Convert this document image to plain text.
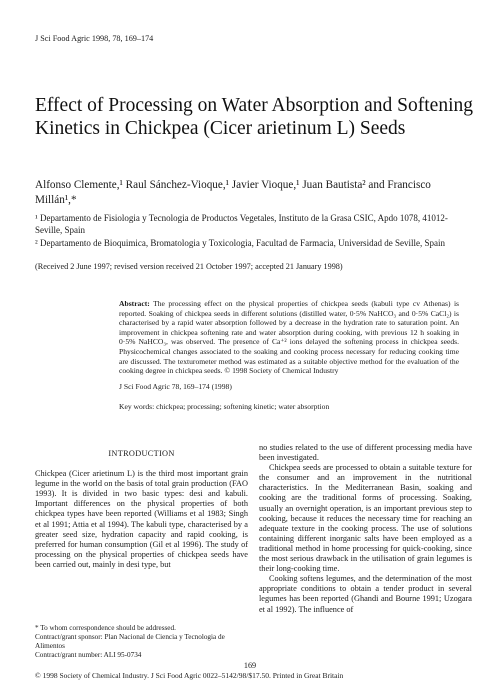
J Sci Food Agric 1998, 78, 169–174
Effect of Processing on Water Absorption and Softening Kinetics in Chickpea (Cicer arietinum L) Seeds
Alfonso Clemente,¹ Raul Sánchez-Vioque,¹ Javier Vioque,¹ Juan Bautista² and Francisco Millán¹,*
¹ Departamento de Fisiologia y Tecnologia de Productos Vegetales, Instituto de la Grasa CSIC, Apdo 1078, 41012-Seville, Spain
² Departamento de Bioquimica, Bromatologia y Toxicologia, Facultad de Farmacia, Universidad de Seville, Spain
(Received 2 June 1997; revised version received 21 October 1997; accepted 21 January 1998)
Abstract: The processing effect on the physical properties of chickpea seeds (kabuli type cv Athenas) is reported. Soaking of chickpea seeds in different solutions (distilled water, 0·5% NaHCO₃ and 0·5% CaCl₂) is characterised by a rapid water absorption followed by a decrease in the hydration rate to saturation point. An improvement in chickpea softening rate and water absorption during cooking, with previous 12 h soaking in 0·5% NaHCO₃, was observed. The presence of Ca⁺² ions delayed the softening process in chickpea seeds. Physicochemical changes associated to the soaking and cooking process necessary for reducing cooking time are discussed. The texturometer method was estimated as a suitable objective method for the evaluation of the cooking degree in chickpea seeds. © 1998 Society of Chemical Industry
J Sci Food Agric 78, 169–174 (1998)
Key words: chickpea; processing; softening kinetic; water absorption
INTRODUCTION

Chickpea (Cicer arietinum L) is the third most important grain legume in the world on the basis of total grain production (FAO 1993). It is divided in two basic types: desi and kabuli. Important differences on the physical properties of both chickpea types have been reported (Williams et al 1983; Singh et al 1991; Attia et al 1994). The kabuli type, characterised by a greater seed size, hydration capacity and rapid cooking, is preferred for human consumption (Gil et al 1996). The study of processing on the physical properties of chickpea seeds have been carried out, mainly in desi type, but

no studies related to the use of different processing media have been investigated.

Chickpea seeds are processed to obtain a suitable texture for the consumer and an improvement in the nutritional characteristics. In the Mediterranean Basin, soaking and cooking are the traditional forms of processing. Soaking, usually an overnight operation, is an important previous step to cooking, because it reduces the necessary time for reaching an adequate texture in the cooking process. The use of solutions containing different inorganic salts have been employed as a traditional method in home processing for quick-cooking, since the most serious drawback in the utilisation of grain legumes is their long-cooking time.

Cooking softens legumes, and the determination of the most appropriate conditions to obtain a tender product in several legumes has been reported (Ghandi and Bourne 1991; Uzogara et al 1992). The influence of

* To whom correspondence should be addressed.
Contract/grant sponsor: Plan Nacional de Ciencia y Tecnologia de Alimentos
Contract/grant number: ALI 95-0734
169
© 1998 Society of Chemical Industry. J Sci Food Agric 0022–5142/98/$17.50. Printed in Great Britain
